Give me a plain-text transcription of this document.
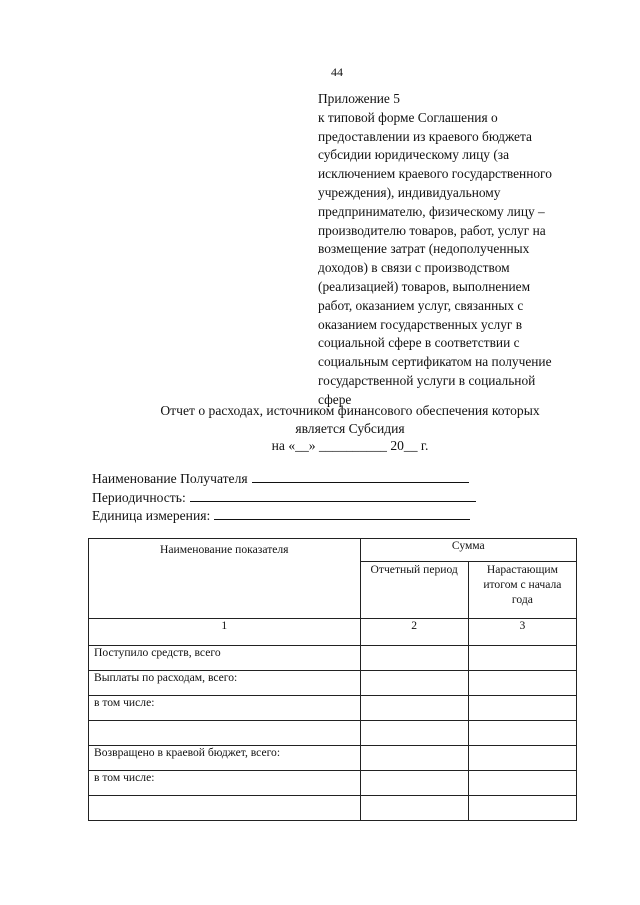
44
Приложение 5
к типовой форме Соглашения о
предоставлении из краевого бюджета
субсидии юридическому лицу (за
исключением краевого государственного
учреждения), индивидуальному
предпринимателю, физическому лицу –
производителю товаров, работ, услуг на
возмещение затрат (недополученных
доходов) в связи с производством
(реализацией) товаров, выполнением
работ, оказанием услуг, связанных с
оказанием государственных услуг в
социальной сфере в соответствии с
социальным сертификатом на получение
государственной услуги в социальной
сфере
Отчет о расходах, источником финансового обеспечения которых
является Субсидия
на «__» __________ 20__ г.
Наименование Получателя
Периодичность:
Единица измерения:
Наименование показателя	Сумма	
	Отчетный период	Нарастающим итогом с начала года
1	2	3
Поступило средств, всего		
Выплаты по расходам, всего:		
в том числе:		

Возвращено в краевой бюджет, всего:		
в том числе:		
